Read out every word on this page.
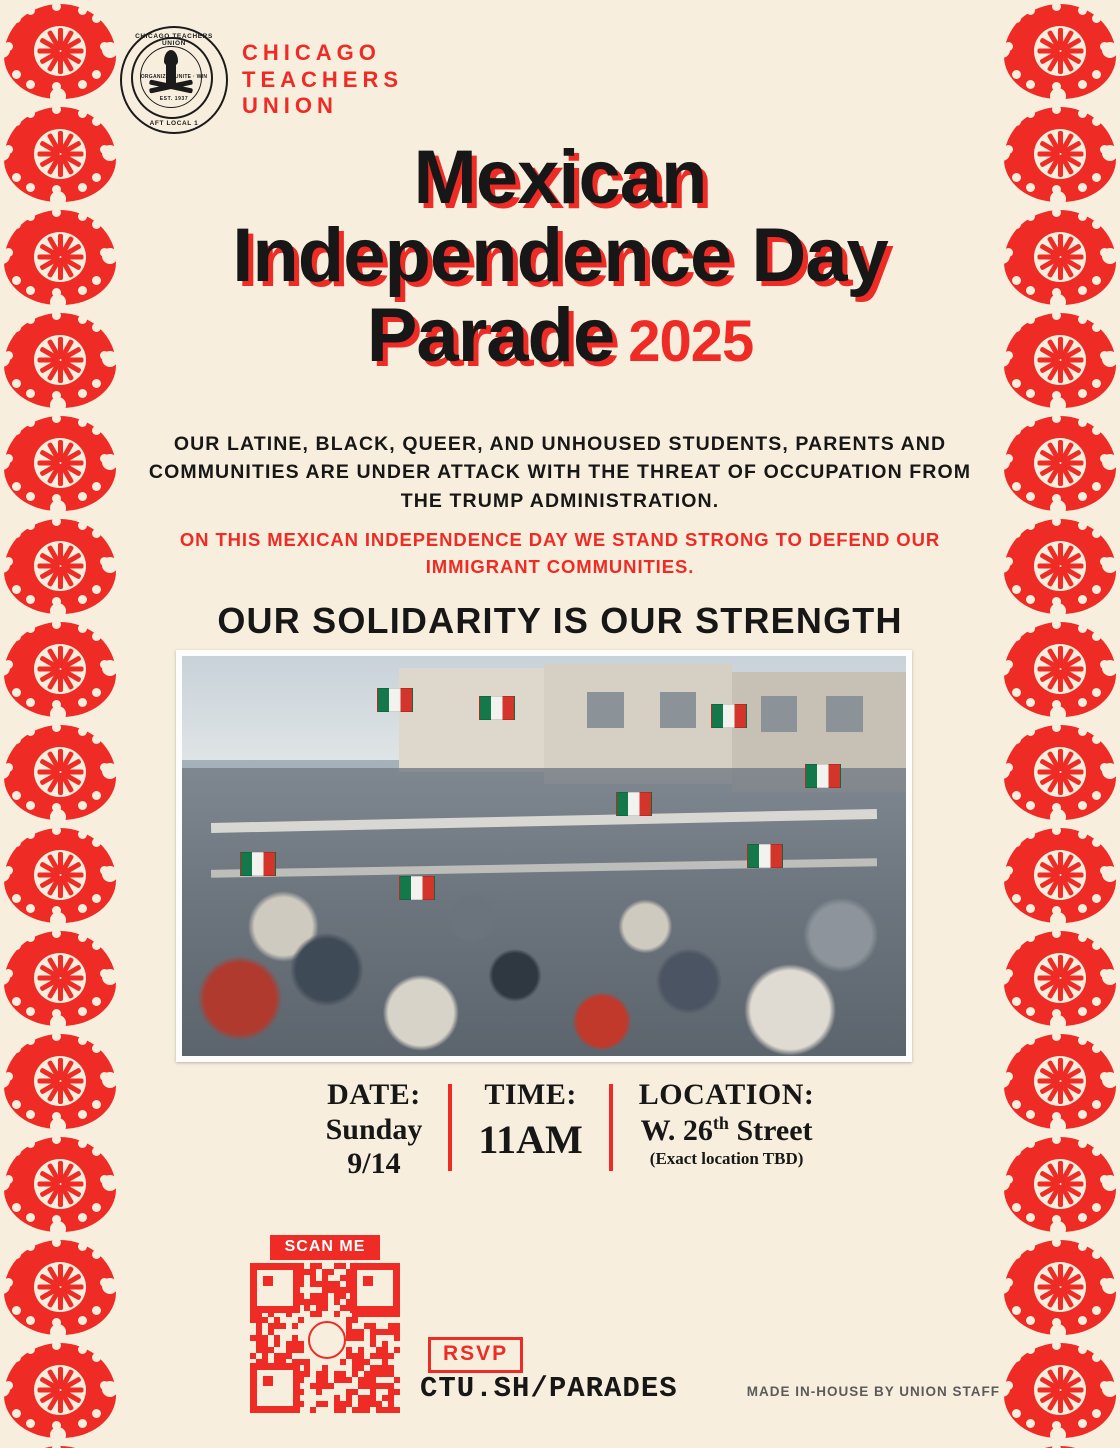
CHICAGO TEACHERS UNION
ORGANIZE · UNITE · WIN
EST. 1937
AFT LOCAL 1
CHICAGO
TEACHERS
UNION
Mexican
Independence Day
Parade 2025
OUR LATINE, BLACK, QUEER, AND UNHOUSED STUDENTS, PARENTS AND COMMUNITIES ARE UNDER ATTACK WITH THE THREAT OF OCCUPATION FROM THE TRUMP ADMINISTRATION.
ON THIS MEXICAN INDEPENDENCE DAY WE STAND STRONG TO DEFEND OUR IMMIGRANT COMMUNITIES.
OUR SOLIDARITY IS OUR STRENGTH
DATE:
Sunday
9/14
TIME:
11AM
LOCATION:
W. 26th Street
(Exact location TBD)
SCAN ME
RSVP
CTU.SH/PARADES	MADE IN-HOUSE BY UNION STAFF
